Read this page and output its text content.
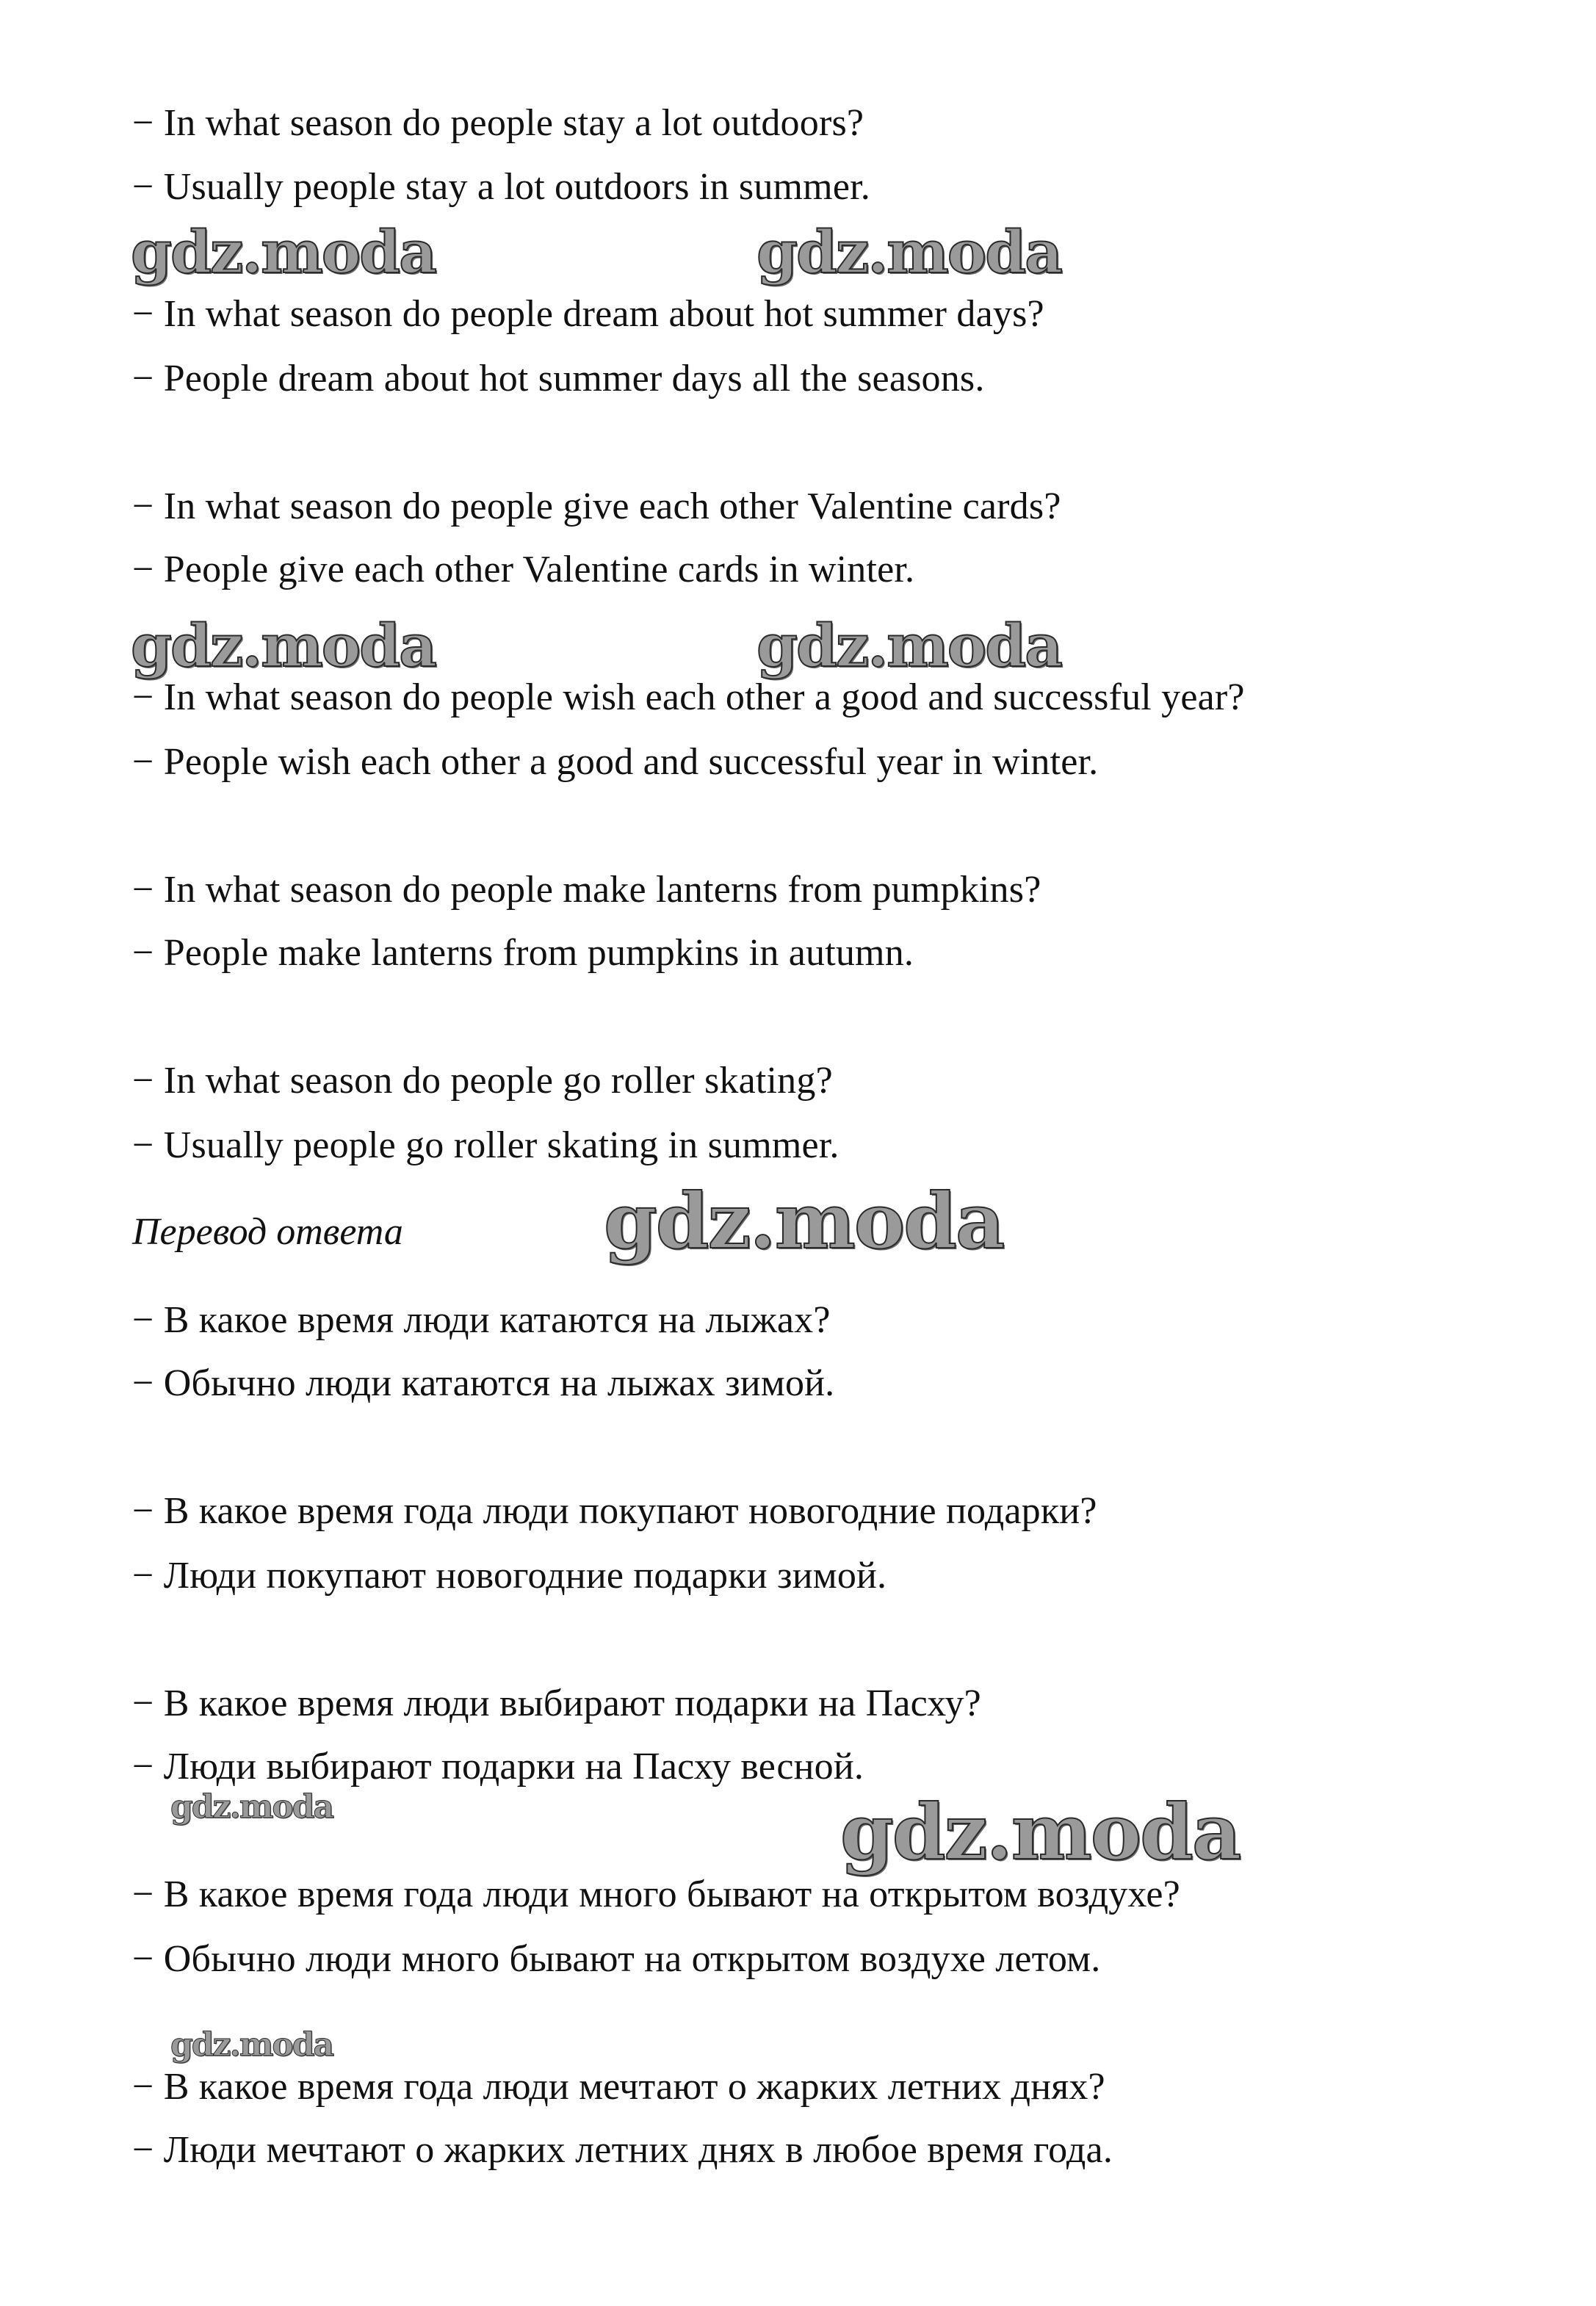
− In what season do people stay a lot outdoors?
− Usually people stay a lot outdoors in summer.
gdz.moda	gdz.moda
− In what season do people dream about hot summer days?
− People dream about hot summer days all the seasons.
− In what season do people give each other Valentine cards?
− People give each other Valentine cards in winter.
gdz.moda	gdz.moda
− In what season do people wish each other a good and successful year?
− People wish each other a good and successful year in winter.
− In what season do people make lanterns from pumpkins?
− People make lanterns from pumpkins in autumn.
− In what season do people go roller skating?
− Usually people go roller skating in summer.
Перевод ответа	gdz.moda
− В какое время люди катаются на лыжах?
− Обычно люди катаются на лыжах зимой.
− В какое время года люди покупают новогодние подарки?
− Люди покупают новогодние подарки зимой.
− В какое время люди выбирают подарки на Пасху?
− Люди выбирают подарки на Пасху весной.
gdz.moda	gdz.moda
− В какое время года люди много бывают на открытом воздухе?
− Обычно люди много бывают на открытом воздухе летом.
gdz.moda
− В какое время года люди мечтают о жарких летних днях?
− Люди мечтают о жарких летних днях в любое время года.
